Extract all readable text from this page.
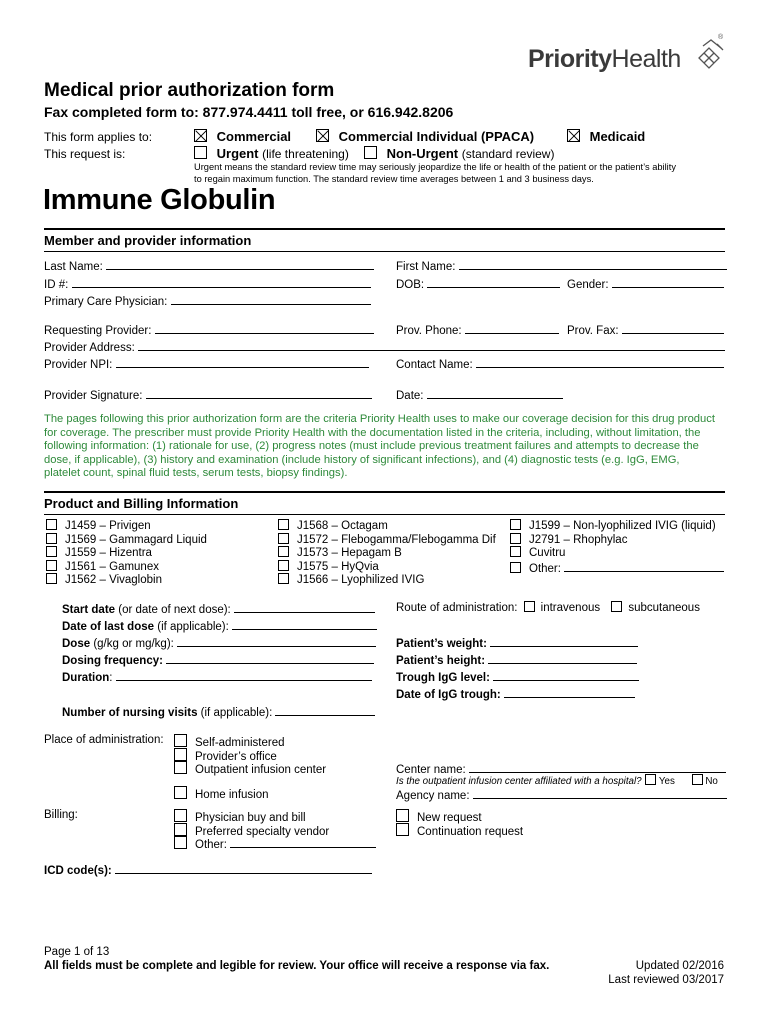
PriorityHealth
®
Medical prior authorization form
Fax completed form to: 877.974.4411 toll free, or 616.942.8206
This form applies to:
This request is:
Commercial	Commercial Individual (PPACA)	Medicaid
Urgent (life threatening)	Non-Urgent (standard review)
Urgent means the standard review time may seriously jeopardize the life or health of the patient or the patient’s ability
to regain maximum function. The standard review time averages between 1 and 3 business days.
Immune Globulin
Member and provider information
Last Name:	First Name:
ID #:	DOB:	Gender:
Primary Care Physician:
Requesting Provider:	Prov. Phone:	Prov. Fax:
Provider Address:
Provider NPI:	Contact Name:
Provider Signature:	Date:
The pages following this prior authorization form are the criteria Priority Health uses to make our coverage decision for this drug product
for coverage. The prescriber must provide Priority Health with the documentation listed in the criteria, including, without limitation, the
following information: (1) rationale for use, (2) progress notes (must include previous treatment failures and attempts to decrease the
dose, if applicable), (3) history and examination (include history of significant infections), and (4) diagnostic tests (e.g. IgG, EMG,
platelet count, spinal fluid tests, serum tests, biopsy findings).
Product and Billing Information
J1459 – Privigen
J1569 – Gammagard Liquid
J1559 – Hizentra
J1561 – Gamunex
J1562 – Vivaglobin
J1568 – Octagam
J1572 – Flebogamma/Flebogamma Dif
J1573 – Hepagam B
J1575 – HyQvia
J1566 – Lyophilized IVIG
J1599 – Non-lyophilized IVIG (liquid)
J2791 – Rhophylac
Cuvitru
Other:
Start date (or date of next dose):
Date of last dose (if applicable):
Dose (g/kg or mg/kg):
Dosing frequency:
Duration:
Number of nursing visits (if applicable):
Route of administration: intravenous subcutaneous
Patient’s weight:
Patient’s height:
Trough IgG level:
Date of IgG trough:
Place of administration:	Self-administered
Provider’s office
Outpatient infusion center
Home infusion
Center name:
Is the outpatient infusion center affiliated with a hospital? Yes	No
Agency name:
Billing:	Physician buy and bill
Preferred specialty vendor
Other:
New request
Continuation request
ICD code(s):
Page 1 of 13
All fields must be complete and legible for review. Your office will receive a response via fax.	Updated 02/2016
Last reviewed 03/2017
